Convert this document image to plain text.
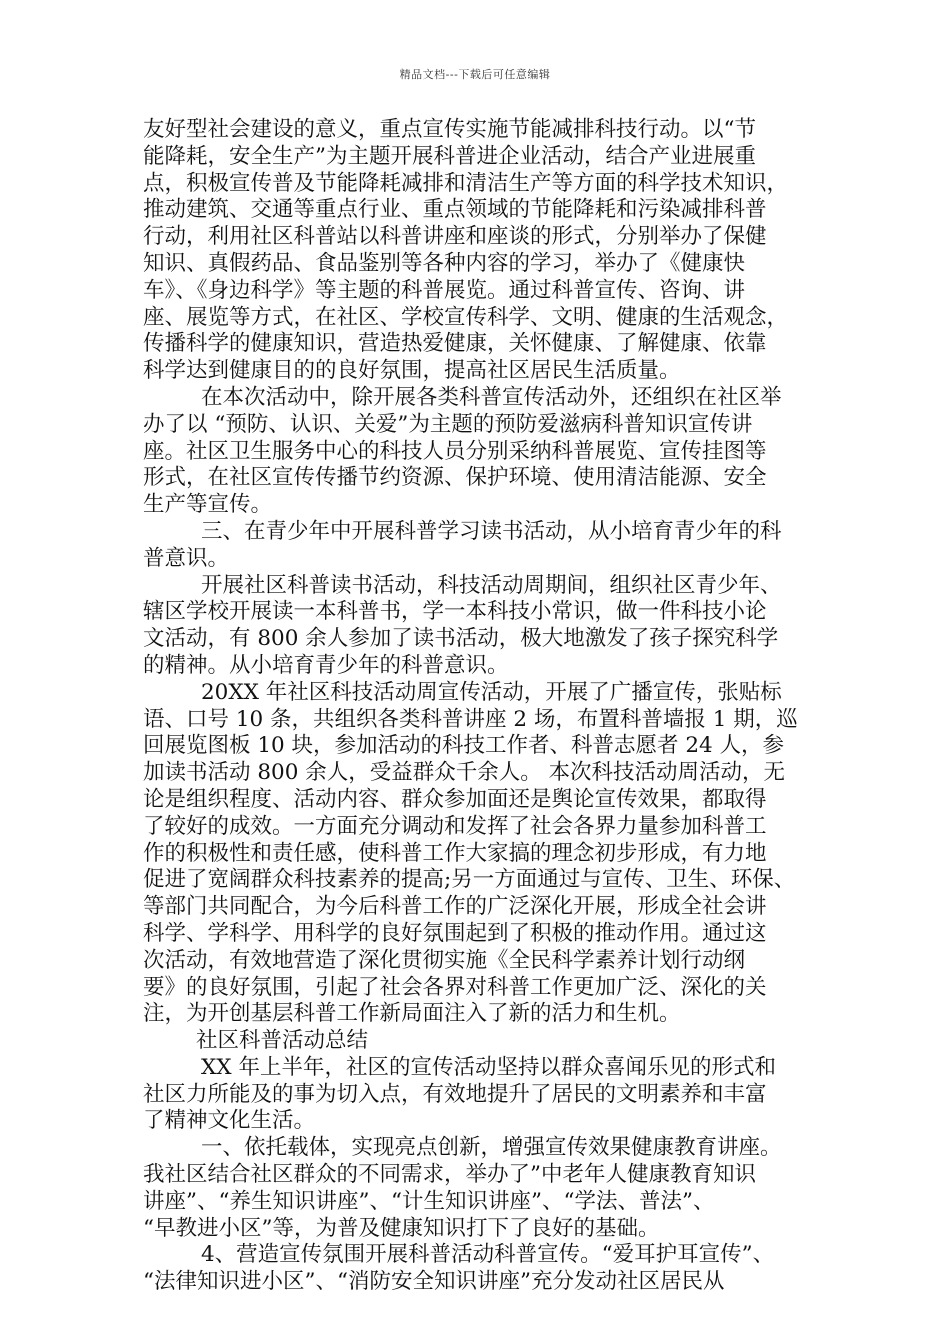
精品文档---下载后可任意编辑
友好型社会建设的意义，重点宣传实施节能减排科技行动。以“节
能降耗，安全生产”为主题开展科普进企业活动，结合产业进展重
点，积极宣传普及节能降耗减排和清洁生产等方面的科学技术知识，
推动建筑、交通等重点行业、重点领域的节能降耗和污染减排科普
行动，利用社区科普站以科普讲座和座谈的形式，分别举办了保健
知识、真假药品、食品鉴别等各种内容的学习，举办了《健康快
车》、《身边科学》等主题的科普展览。通过科普宣传、咨询、讲
座、展览等方式，在社区、学校宣传科学、文明、健康的生活观念，
传播科学的健康知识，营造热爱健康，关怀健康、了解健康、依靠
科学达到健康目的的良好氛围，提高社区居民生活质量。
在本次活动中，除开展各类科普宣传活动外，还组织在社区举
办了以 “预防、认识、关爱”为主题的预防爱滋病科普知识宣传讲
座。社区卫生服务中心的科技人员分别采纳科普展览、宣传挂图等
形式，在社区宣传传播节约资源、保护环境、使用清洁能源、安全
生产等宣传。
三、在青少年中开展科普学习读书活动，从小培育青少年的科
普意识。
开展社区科普读书活动，科技活动周期间，组织社区青少年、
辖区学校开展读一本科普书，学一本科技小常识，做一件科技小论
文活动，有 800 余人参加了读书活动，极大地激发了孩子探究科学
的精神。从小培育青少年的科普意识。
20XX 年社区科技活动周宣传活动，开展了广播宣传，张贴标
语、口号 10 条，共组织各类科普讲座 2 场，布置科普墙报 1 期，巡
回展览图板 10 块，参加活动的科技工作者、科普志愿者 24 人，参
加读书活动 800 余人，受益群众千余人。 本次科技活动周活动，无
论是组织程度、活动内容、群众参加面还是舆论宣传效果，都取得
了较好的成效。一方面充分调动和发挥了社会各界力量参加科普工
作的积极性和责任感，使科普工作大家搞的理念初步形成，有力地
促进了宽阔群众科技素养的提高;另一方面通过与宣传、卫生、环保、
等部门共同配合，为今后科普工作的广泛深化开展，形成全社会讲
科学、学科学、用科学的良好氛围起到了积极的推动作用。通过这
次活动，有效地营造了深化贯彻实施《全民科学素养计划行动纲
要》的良好氛围，引起了社会各界对科普工作更加广泛、深化的关
注，为开创基层科普工作新局面注入了新的活力和生机。
社区科普活动总结
XX 年上半年，社区的宣传活动坚持以群众喜闻乐见的形式和
社区力所能及的事为切入点，有效地提升了居民的文明素养和丰富
了精神文化生活。
一、依托载体，实现亮点创新，增强宣传效果健康教育讲座。
我社区结合社区群众的不同需求，举办了”中老年人健康教育知识
讲座”、“养生知识讲座”、“计生知识讲座”、“学法、普法”、
“早教进小区”等，为普及健康知识打下了良好的基础。
4、营造宣传氛围开展科普活动科普宣传。“爱耳护耳宣传”、
“法律知识进小区”、“消防安全知识讲座”充分发动社区居民从
